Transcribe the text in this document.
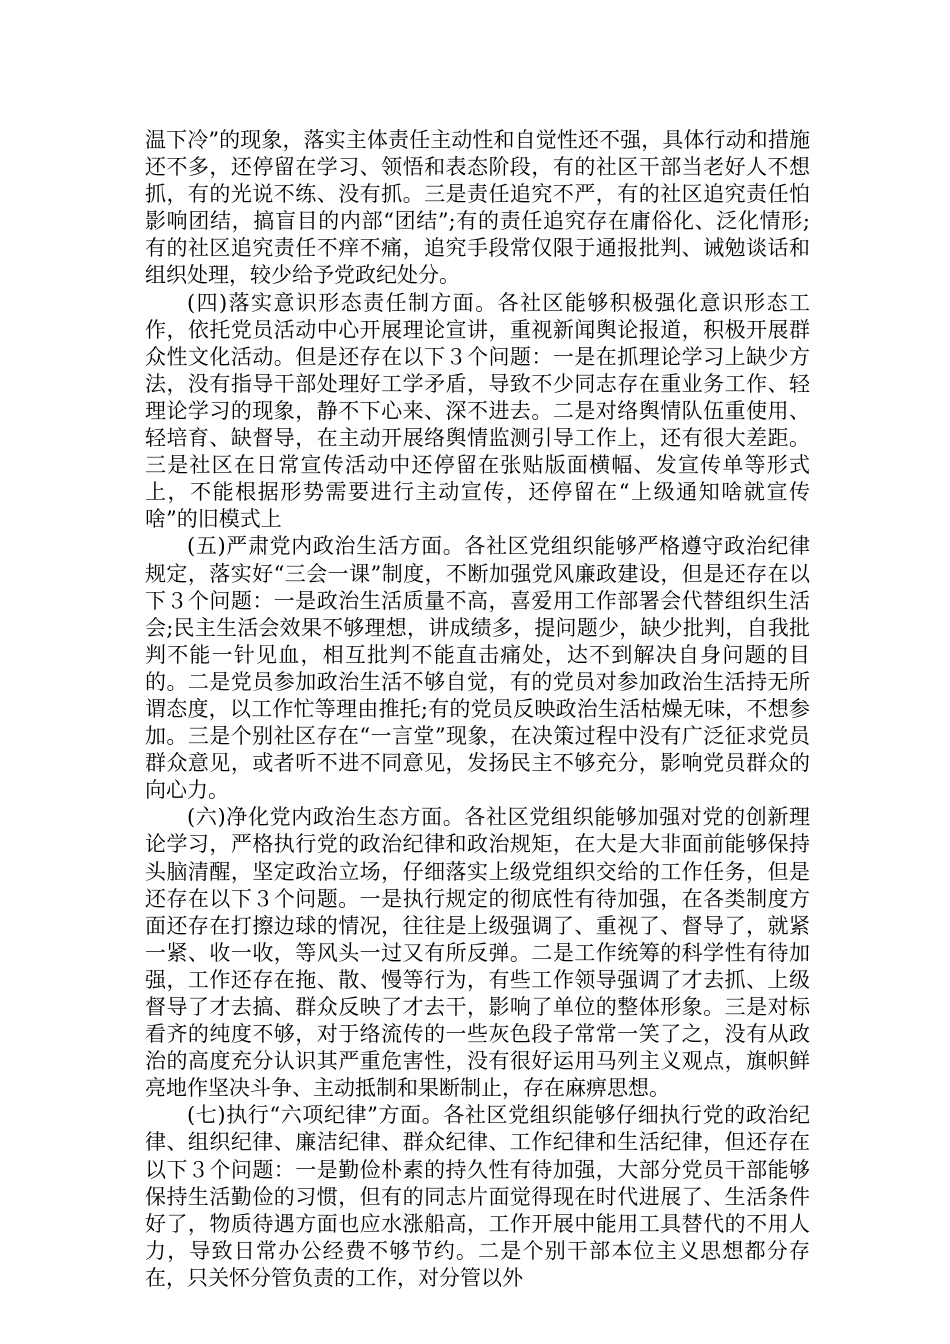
温下冷”的现象，落实主体责任主动性和自觉性还不强，具体行动和措施还不多，还停留在学习、领悟和表态阶段，有的社区干部当老好人不想抓，有的光说不练、没有抓。三是责任追究不严，有的社区追究责任怕影响团结，搞盲目的内部“团结”;有的责任追究存在庸俗化、泛化情形;有的社区追究责任不痒不痛，追究手段常仅限于通报批判、诫勉谈话和组织处理，较少给予党政纪处分。

(四)落实意识形态责任制方面。各社区能够积极强化意识形态工作，依托党员活动中心开展理论宣讲，重视新闻舆论报道，积极开展群众性文化活动。但是还存在以下３个问题：一是在抓理论学习上缺少方法，没有指导干部处理好工学矛盾，导致不少同志存在重业务工作、轻理论学习的现象，静不下心来、深不进去。二是对络舆情队伍重使用、轻培育、缺督导，在主动开展络舆情监测引导工作上，还有很大差距。三是社区在日常宣传活动中还停留在张贴版面横幅、发宣传单等形式上，不能根据形势需要进行主动宣传，还停留在“上级通知啥就宣传啥”的旧模式上

(五)严肃党内政治生活方面。各社区党组织能够严格遵守政治纪律规定，落实好“三会一课”制度，不断加强党风廉政建设，但是还存在以下３个问题：一是政治生活质量不高，喜爱用工作部署会代替组织生活会;民主生活会效果不够理想，讲成绩多，提问题少，缺少批判，自我批判不能一针见血，相互批判不能直击痛处，达不到解决自身问题的目的。二是党员参加政治生活不够自觉，有的党员对参加政治生活持无所谓态度，以工作忙等理由推托;有的党员反映政治生活枯燥无味，不想参加。三是个别社区存在“一言堂”现象，在决策过程中没有广泛征求党员群众意见，或者听不进不同意见，发扬民主不够充分，影响党员群众的向心力。

(六)净化党内政治生态方面。各社区党组织能够加强对党的创新理论学习，严格执行党的政治纪律和政治规矩，在大是大非面前能够保持头脑清醒，坚定政治立场，仔细落实上级党组织交给的工作任务，但是还存在以下３个问题。一是执行规定的彻底性有待加强，在各类制度方面还存在打擦边球的情况，往往是上级强调了、重视了、督导了，就紧一紧、收一收，等风头一过又有所反弹。二是工作统筹的科学性有待加强，工作还存在拖、散、慢等行为，有些工作领导强调了才去抓、上级督导了才去搞、群众反映了才去干，影响了单位的整体形象。三是对标看齐的纯度不够，对于络流传的一些灰色段子常常一笑了之，没有从政治的高度充分认识其严重危害性，没有很好运用马列主义观点，旗帜鲜亮地作坚决斗争、主动抵制和果断制止，存在麻痹思想。

(七)执行“六项纪律”方面。各社区党组织能够仔细执行党的政治纪律、组织纪律、廉洁纪律、群众纪律、工作纪律和生活纪律，但还存在以下３个问题：一是勤俭朴素的持久性有待加强，大部分党员干部能够保持生活勤俭的习惯，但有的同志片面觉得现在时代进展了、生活条件好了，物质待遇方面也应水涨船高，工作开展中能用工具替代的不用人力，导致日常办公经费不够节约。二是个别干部本位主义思想都分存在，只关怀分管负责的工作，对分管以外
